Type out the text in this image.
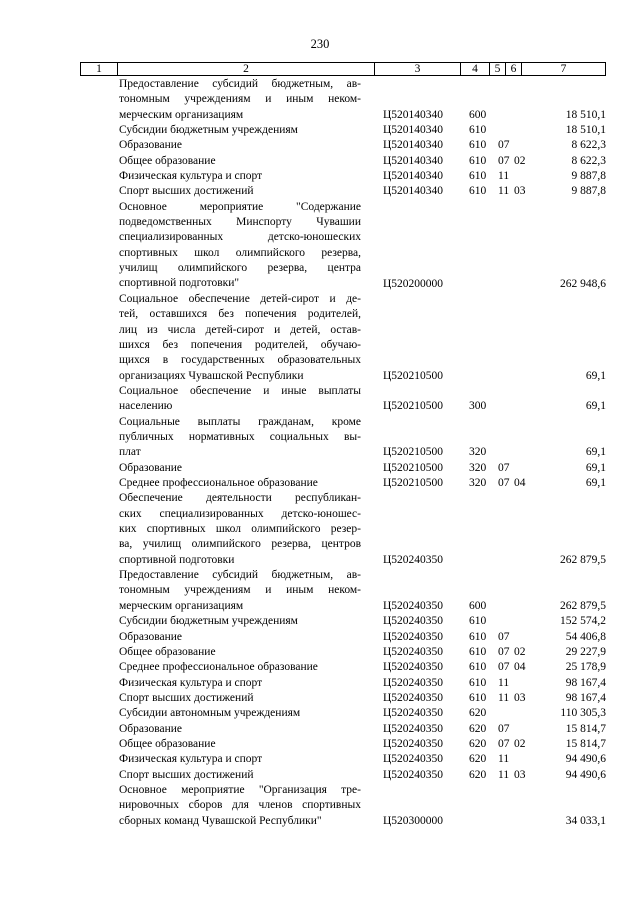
230
1	2	3	4	5 6	7
Предоставление субсидий бюджетным, ав-
тономным учреждениям и иным неком-
мерческим организациям	Ц520140340 600	18 510,1
Субсидии бюджетным учреждениям	Ц520140340 610	18 510,1
Образование	Ц520140340 610 07	8 622,3
Общее образование	Ц520140340 610 07 02	8 622,3
Физическая культура и спорт	Ц520140340 610 11	9 887,8
Спорт высших достижений	Ц520140340 610 11 03	9 887,8
Основное мероприятие "Содержание
подведомственных Минспорту Чувашии
специализированных детско-юношеских
спортивных школ олимпийского резерва,
училищ олимпийского резерва, центра
спортивной подготовки"	Ц520200000	262 948,6
Социальное обеспечение детей-сирот и де-
тей, оставшихся без попечения родителей,
лиц из числа детей-сирот и детей, остав-
шихся без попечения родителей, обучаю-
щихся в государственных образовательных
организациях Чувашской Республики	Ц520210500	69,1
Социальное обеспечение и иные выплаты
населению	Ц520210500 300	69,1
Социальные выплаты гражданам, кроме
публичных нормативных социальных вы-
плат	Ц520210500 320	69,1
Образование	Ц520210500 320 07	69,1
Среднее профессиональное образование	Ц520210500 320 07 04	69,1
Обеспечение деятельности республикан-
ских специализированных детско-юношес-
ких спортивных школ олимпийского резер-
ва, училищ олимпийского резерва, центров
спортивной подготовки	Ц520240350	262 879,5
Предоставление субсидий бюджетным, ав-
тономным учреждениям и иным неком-
мерческим организациям	Ц520240350 600	262 879,5
Субсидии бюджетным учреждениям	Ц520240350 610	152 574,2
Образование	Ц520240350 610 07	54 406,8
Общее образование	Ц520240350 610 07 02	29 227,9
Среднее профессиональное образование	Ц520240350 610 07 04	25 178,9
Физическая культура и спорт	Ц520240350 610 11	98 167,4
Спорт высших достижений	Ц520240350 610 11 03	98 167,4
Субсидии автономным учреждениям	Ц520240350 620	110 305,3
Образование	Ц520240350 620 07	15 814,7
Общее образование	Ц520240350 620 07 02	15 814,7
Физическая культура и спорт	Ц520240350 620 11	94 490,6
Спорт высших достижений	Ц520240350 620 11 03	94 490,6
Основное мероприятие "Организация тре-
нировочных сборов для членов спортивных
сборных команд Чувашской Республики"	Ц520300000	34 033,1
